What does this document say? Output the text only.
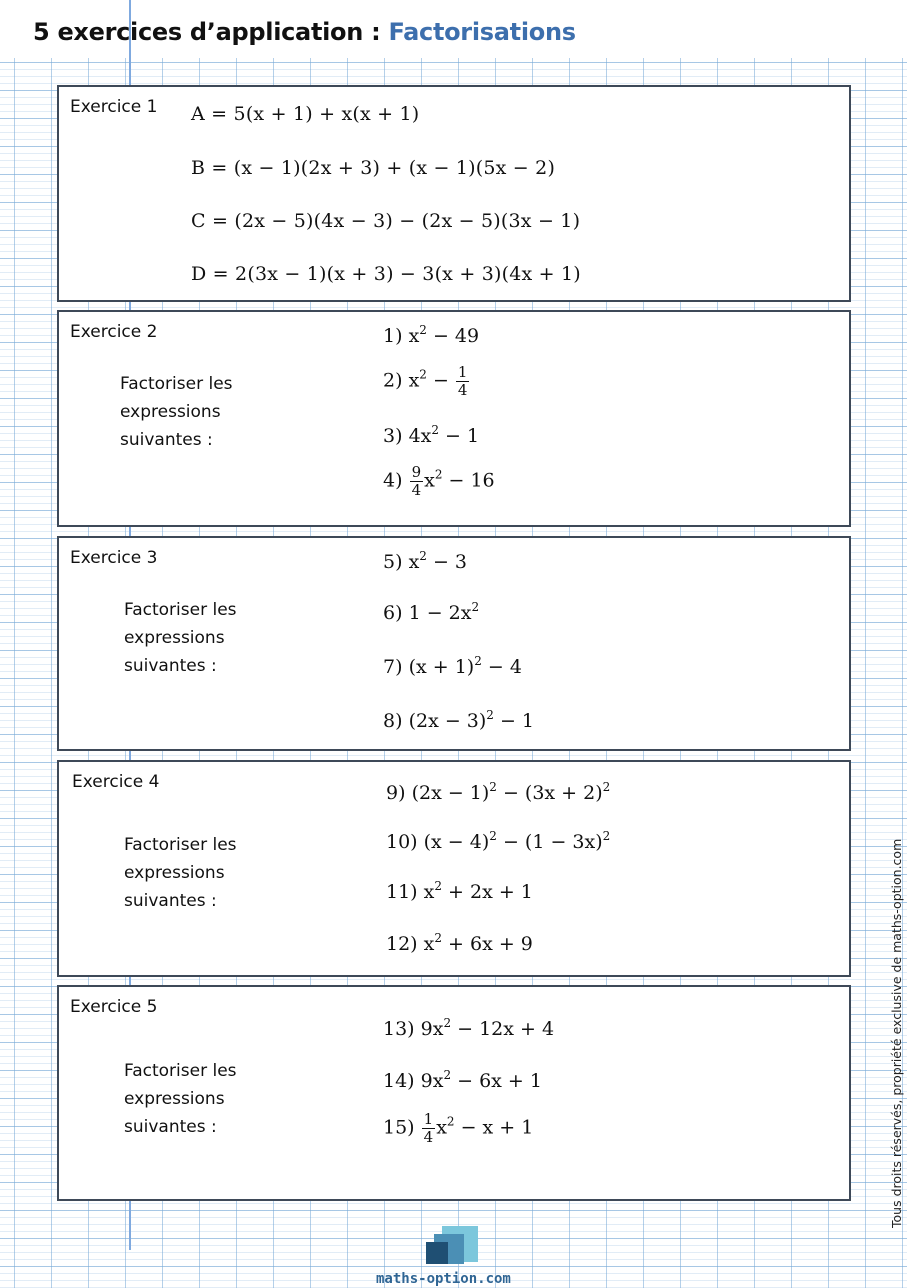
5 exercices d’application : Factorisations
Exercice 1 A = 5(x + 1) + x(x + 1)
B = (x − 1)(2x + 3) + (x − 1)(5x − 2)
C = (2x − 5)(4x − 3) − (2x − 5)(3x − 1)
D = 2(3x − 1)(x + 3) − 3(x + 3)(4x + 1)
Exercice 2
Factoriser les
expressions
suivantes :
1) $x^2 - 49$
2) $x^2 - \frac{1}{4}$
3) $4x^2 - 1$
$4) \frac{9}{4} x^2 - 16$
Exercice 3
Factoriser les
expressions
suivantes :
5) $x^2 - 3$
6) $1 - 2x^2$
7) $(x + 1)^2 - 4$
8) $(2x - 3)^2 - 1$
Exercice 4
Factoriser les
expressions
suivantes :
9) $(2x - 1)^2 - (3x + 2)^2$
10) $(x - 4)^2 - (1 - 3x)^2$
11) $x^2 + 2x + 1$
12) $x^2 + 6x + 9$
Exercice 5
Factoriser les
expressions
suivantes :
13) $9x^2 - 12x + 4$
14) $9x^2 - 6x + 1$
$15) \frac{1}{4} x^2 - x + 1$	Tous droits réservés, propriété exclusive de maths-option.com
maths-option.com
